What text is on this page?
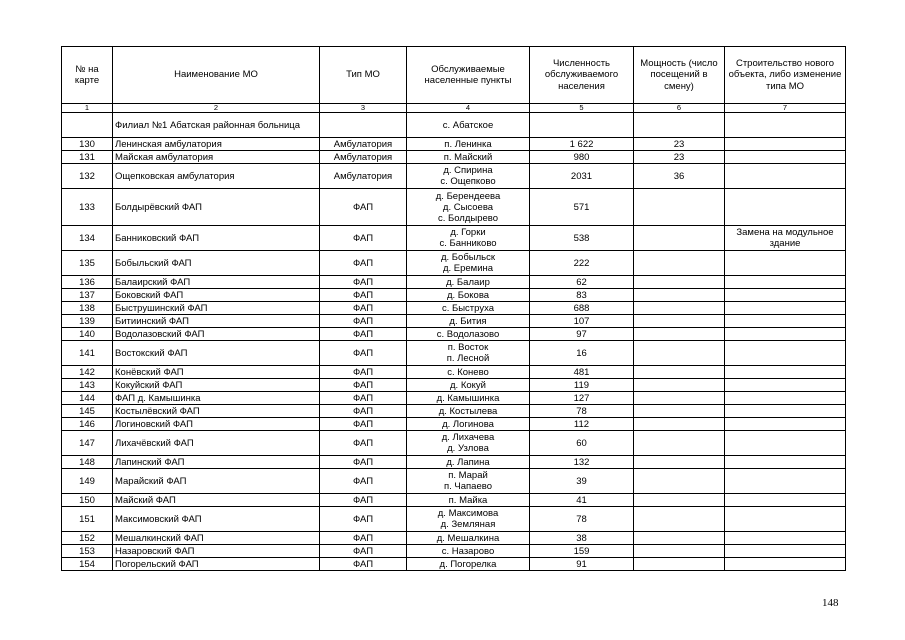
№ на карте	Наименование МО	Тип МО	Обслуживаемые населенные пункты	Численность обслуживаемого населения	Мощность (число посещений в смену)	Строительство нового объекта, либо изменение типа МО
1	2	3	4	5	6	7
	Филиал №1 Абатская районная больница		с. Абатское			

130	Ленинская амбулатория	Амбулатория	п. Ленинка	1 622	23	
131	Майская амбулатория	Амбулатория	п. Майский	980	23	
132	Ощепковская амбулатория	Амбулатория	д. Спирина
с. Ощепково	2031	36	
133	Болдырёвский ФАП	ФАП	д. Берендеева
д. Сысоева
с. Болдырево	571		
134	Банниковский ФАП	ФАП	д. Горки
с. Банниково	538		Замена на модульное здание
135	Бобыльский ФАП	ФАП	д. Бобыльск
д. Еремина	222		
136	Балаирский ФАП	ФАП	д. Балаир	62		
137	Боковский ФАП	ФАП	д. Бокова	83		
138	Быструшинский ФАП	ФАП	с. Быструха	688		
139	Битиинский ФАП	ФАП	д. Бития	107		
140	Водолазовский ФАП	ФАП	с. Водолазово	97		
141	Востокский ФАП	ФАП	п. Восток
п. Лесной	16		
142	Конёвский ФАП	ФАП	с. Конево	481		
143	Кокуйский ФАП	ФАП	д. Кокуй	119		
144	ФАП д. Камышинка	ФАП	д. Камышинка	127		
145	Костылёвский ФАП	ФАП	д. Костылева	78		
146	Логиновский ФАП	ФАП	д. Логинова	112		
147	Лихачёвский ФАП	ФАП	д. Лихачева
д. Узлова	60		
148	Лапинский ФАП	ФАП	д. Лапина	132		
149	Марайский ФАП	ФАП	п. Марай
п. Чапаево	39		
150	Майский ФАП	ФАП	п. Майка	41		
151	Максимовский ФАП	ФАП	д. Максимова
д. Земляная	78		
152	Мешалкинский ФАП	ФАП	д. Мешалкина	38		
153	Назаровский ФАП	ФАП	с. Назарово	159		
154	Погорельский ФАП	ФАП	д. Погорелка	91		
148
